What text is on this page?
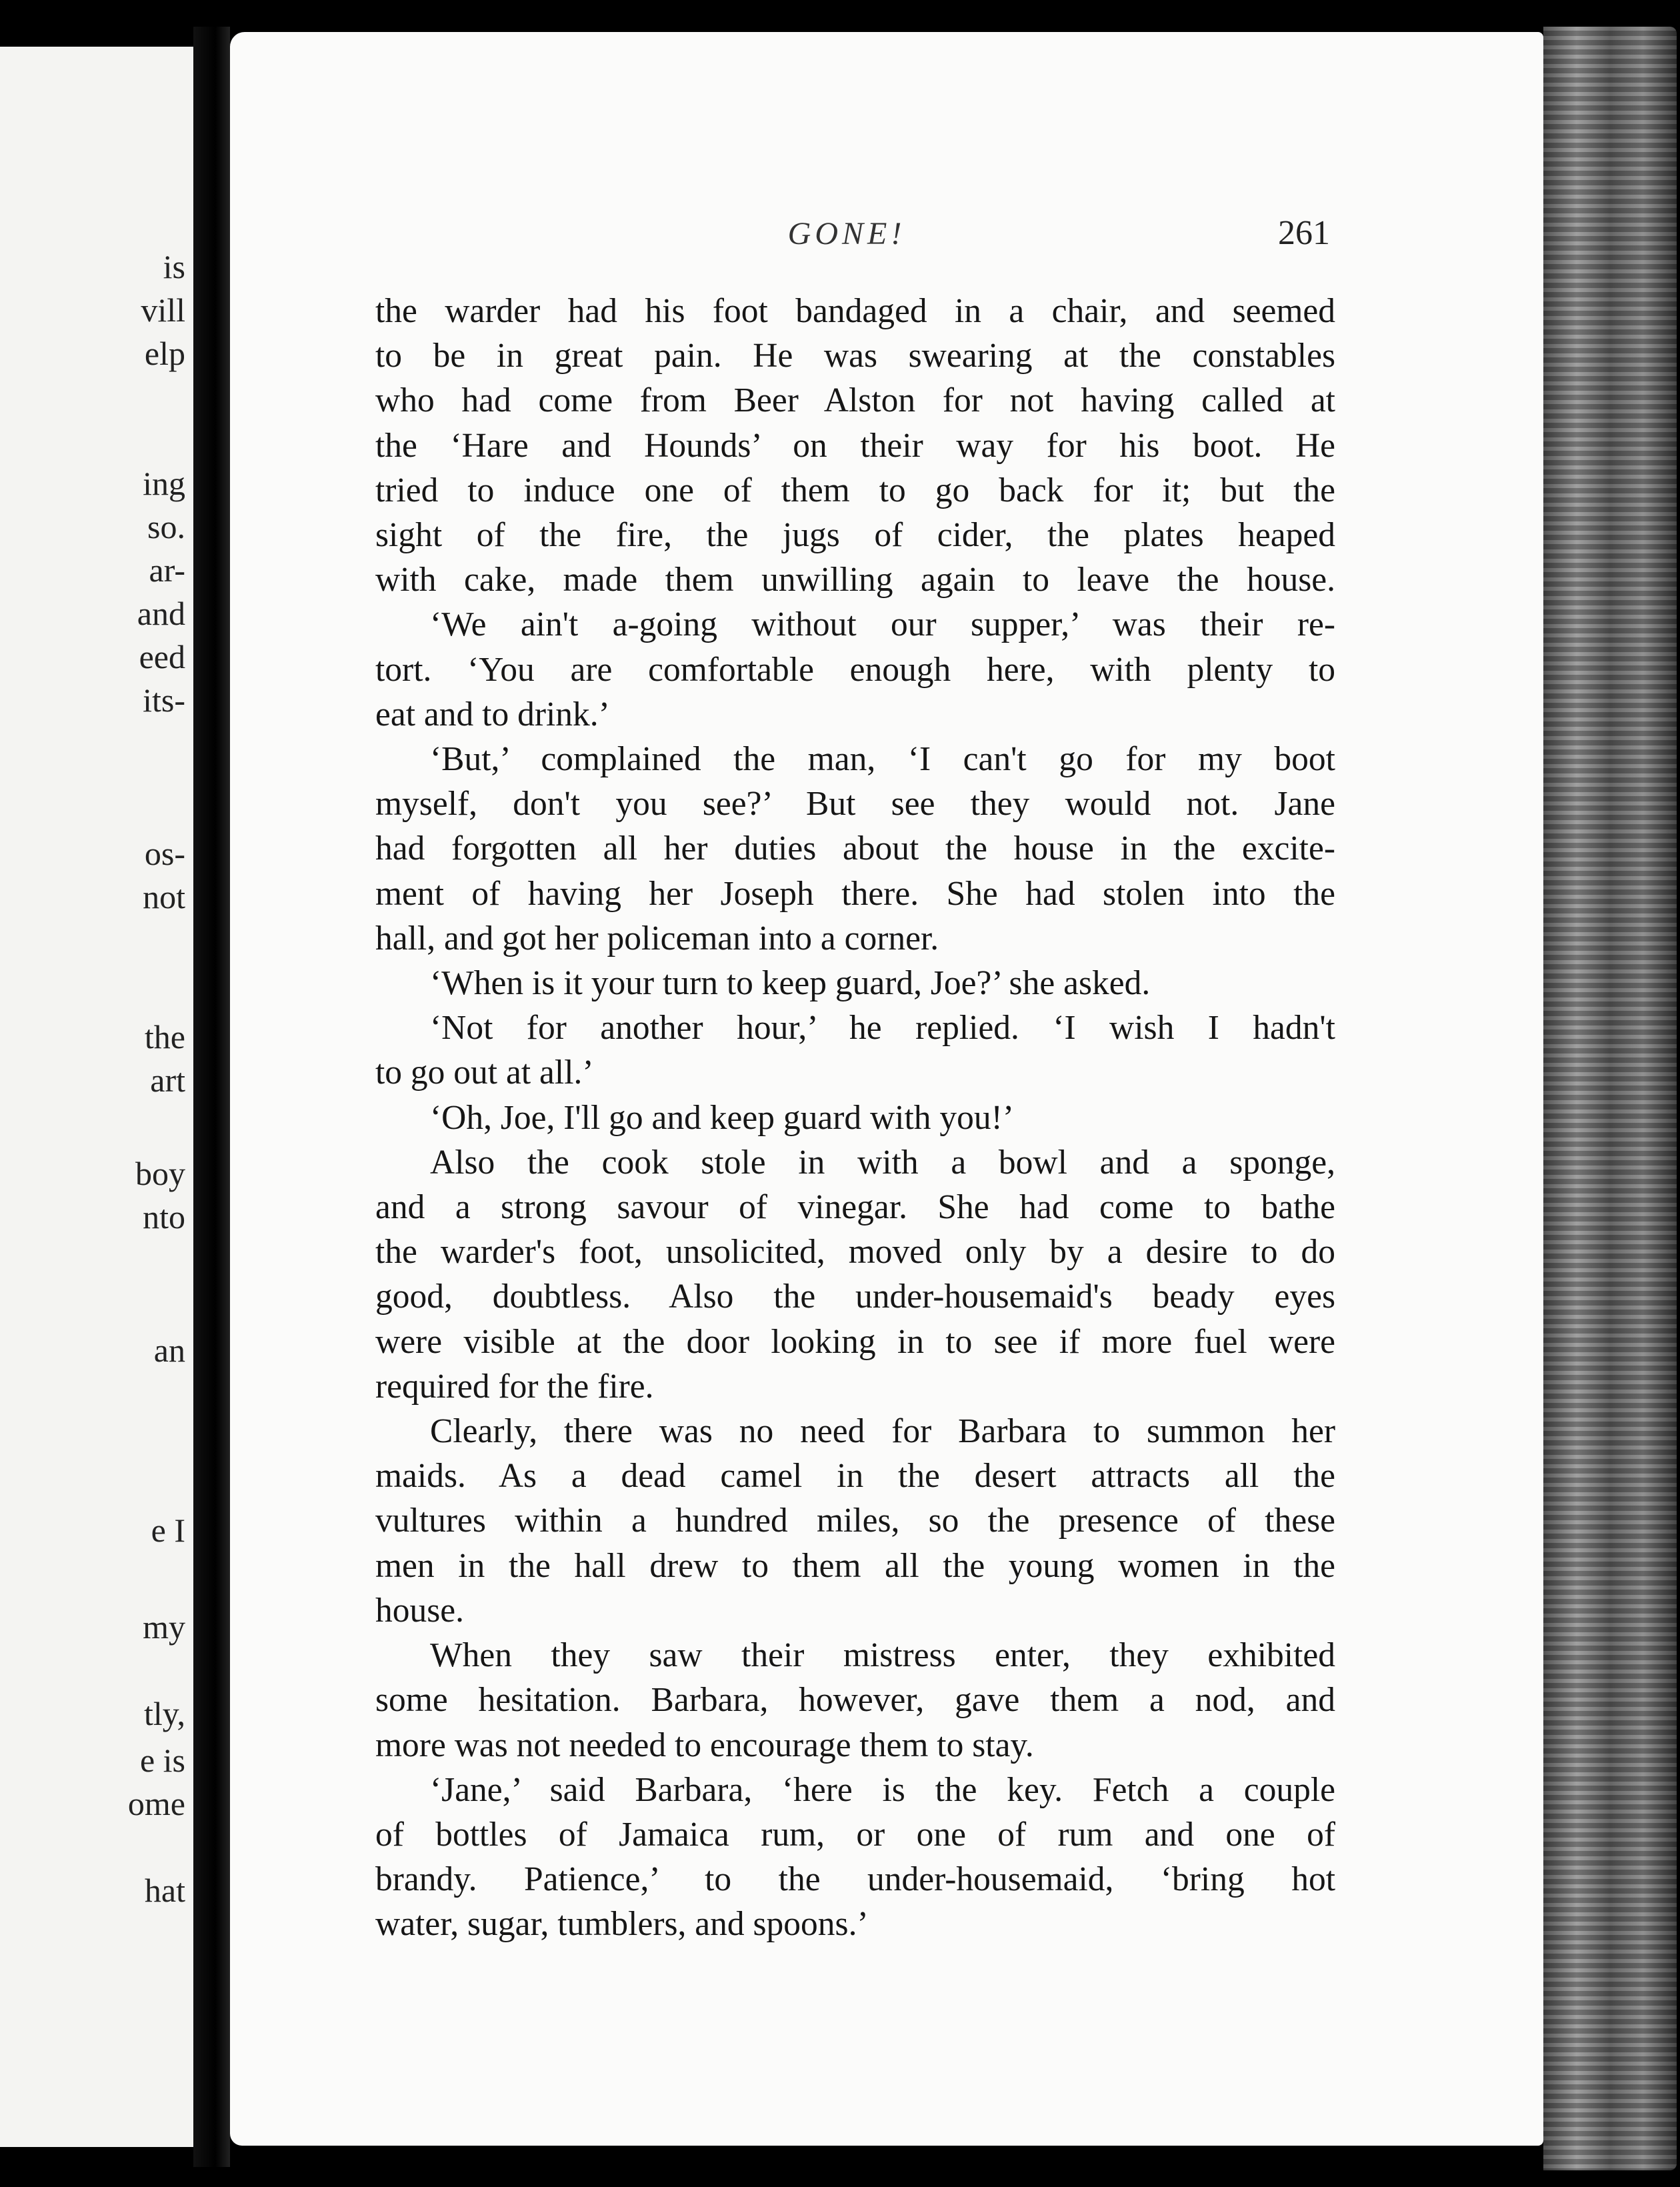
is
vill
elp
ing
so.
ar-
and
eed
its-
os-
not
the
art
boy
nto
an
e I
my
tly,
e is
ome
hat
GONE!	261
the warder had his foot bandaged in a chair, and seemed
to be in great pain. He was swearing at the constables
who had come from Beer Alston for not having called at
the ‘Hare and Hounds’ on their way for his boot. He
tried to induce one of them to go back for it; but the
sight of the fire, the jugs of cider, the plates heaped
with cake, made them unwilling again to leave the house.
‘We ain't a-going without our supper,’ was their re-
tort. ‘You are comfortable enough here, with plenty to
eat and to drink.’
‘But,’ complained the man, ‘I can't go for my boot
myself, don't you see?’ But see they would not. Jane
had forgotten all her duties about the house in the excite-
ment of having her Joseph there. She had stolen into the
hall, and got her policeman into a corner.
‘When is it your turn to keep guard, Joe?’ she asked.
‘Not for another hour,’ he replied. ‘I wish I hadn't
to go out at all.’
‘Oh, Joe, I'll go and keep guard with you!’
Also the cook stole in with a bowl and a sponge,
and a strong savour of vinegar. She had come to bathe
the warder's foot, unsolicited, moved only by a desire to do
good, doubtless. Also the under-housemaid's beady eyes
were visible at the door looking in to see if more fuel were
required for the fire.
Clearly, there was no need for Barbara to summon her
maids. As a dead camel in the desert attracts all the
vultures within a hundred miles, so the presence of these
men in the hall drew to them all the young women in the
house.
When they saw their mistress enter, they exhibited
some hesitation. Barbara, however, gave them a nod, and
more was not needed to encourage them to stay.
‘Jane,’ said Barbara, ‘here is the key. Fetch a couple
of bottles of Jamaica rum, or one of rum and one of
brandy. Patience,’ to the under-housemaid, ‘bring hot
water, sugar, tumblers, and spoons.’
